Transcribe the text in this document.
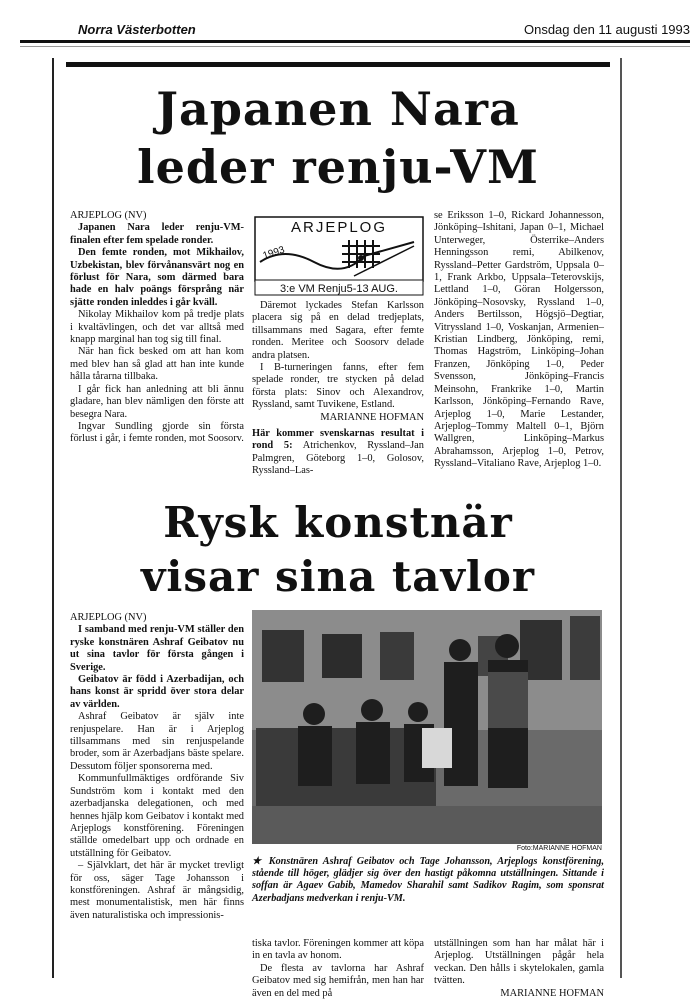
Norra Västerbotten	Onsdag den 11 augusti 1993
Japanen Nara
leder renju-VM

ARJEPLOG (NV)

Japanen Nara leder renju-VM-finalen efter fem spelade ronder.

Den femte ronden, mot Mikhailov, Uzbekistan, blev förvånansvärt nog en förlust för Nara, som därmed bara hade en halv poängs försprång när sjätte ronden inleddes i går kväll.

Nikolay Mikhailov kom på tredje plats i kvaltävlingen, och det var alltså med knapp marginal han tog sig till final.

När han fick besked om att han kom med blev han så glad att han inte kunde hålla tårarna tillbaka.

I går fick han anledning att bli ännu gladare, han blev nämligen den förste att besegra Nara.

Ingvar Sundling gjorde sin första förlust i går, i femte ronden, mot Soosorv.

ARJEPLOG
1993
3:e VM Renju5-13 AUG.

Däremot lyckades Stefan Karlsson placera sig på en delad tredjeplats, tillsammans med Sagara, efter femte ronden. Meritee och Soosorv delade andra platsen.

I B-turneringen fanns, efter fem spelade ronder, tre stycken på delad första plats: Sinov och Alexandrov, Ryssland, samt Tuvikene, Estland.

MARIANNE HOFMAN

Här kommer svenskarnas resultat i rond 5: Atrichenkov, Ryssland–Jan Palmgren, Göteborg 1–0, Golosov, Ryssland–Las-

se Eriksson 1–0, Rickard Johannesson, Jönköping–Ishitani, Japan 0–1, Michael Unterweger, Österrike–Anders Henningsson remi, Abilkenov, Ryssland–Petter Gardström, Uppsala 0–1, Frank Arkbo, Uppsala–Teterovskijs, Lettland 1–0, Göran Holgersson, Jönköping–Nosovsky, Ryssland 1–0, Anders Bertilsson, Högsjö–Degtiar, Vitryssland 1–0, Voskanjan, Armenien–Kristian Lindberg, Jönköping, remi, Thomas Hagström, Linköping–Johan Franzen, Jönköping 1–0, Peder Svensson, Jönköping–Francis Meinsohn, Frankrike 1–0, Martin Karlsson, Jönköping–Fernando Rave, Arjeplog 1–0, Marie Lestander, Arjeplog–Tommy Maltell 0–1, Björn Wallgren, Linköping–Markus Abrahamsson, Arjeplog 1–0, Petrov, Ryssland–Vitaliano Rave, Arjeplog 1–0.

Rysk konstnär
visar sina tavlor

ARJEPLOG (NV)

I samband med renju-VM ställer den ryske konstnären Ashraf Geibatov nu ut sina tavlor för första gången i Sverige.

Geibatov är född i Azerbadijan, och hans konst är spridd över stora delar av världen.

Ashraf Geibatov är själv inte renjuspelare. Han är i Arjeplog tillsammans med sin renjuspelande broder, som är Azerbadjans bäste spelare. Dessutom följer sponsorerna med.

Kommunfullmäktiges ordförande Siv Sundström kom i kontakt med den azerbadjanska delegationen, och med hennes hjälp kom Geibatov i kontakt med Arjeplogs konstförening. Föreningen ställde omedelbart upp och ordnade en utställning för Geibatov.

– Självklart, det här är mycket trevligt för oss, säger Tage Johansson i konstföreningen. Ashraf är mångsidig, mest monumentalistisk, men här finns även naturalistiska och impressionis-

Foto:MARIANNE HOFMAN
★ Konstnären Ashraf Geibatov och Tage Johansson, Arjeplogs konstförening, stående till höger, glädjer sig över den hastigt påkomna utställningen. Sittande i soffan är Agaev Gabib, Mamedov Sharahil samt Sadikov Ragim, som sponsrat Azerbadjans medverkan i renju-VM.

tiska tavlor. Föreningen kommer att köpa in en tavla av honom.

De flesta av tavlorna har Ashraf Geibatov med sig hemifrån, men han har även en del med på

utställningen som han har målat här i Arjeplog. Utställningen pågår hela veckan. Den hålls i skytelokalen, gamla tvätten.

MARIANNE HOFMAN
